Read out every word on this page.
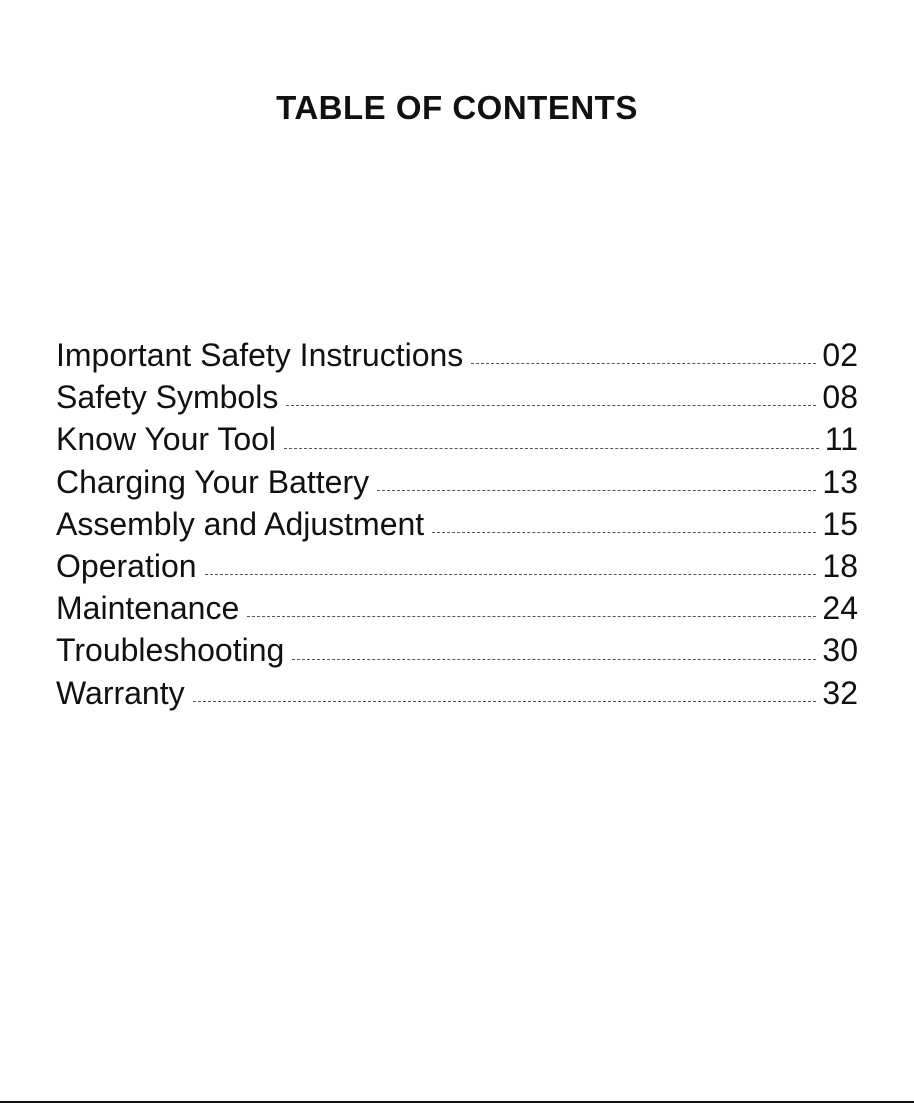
TABLE OF CONTENTS
Important Safety Instructions	02
Safety Symbols	08
Know Your Tool	11
Charging Your Battery	13
Assembly and Adjustment	15
Operation	18
Maintenance	24
Troubleshooting	30
Warranty	32
